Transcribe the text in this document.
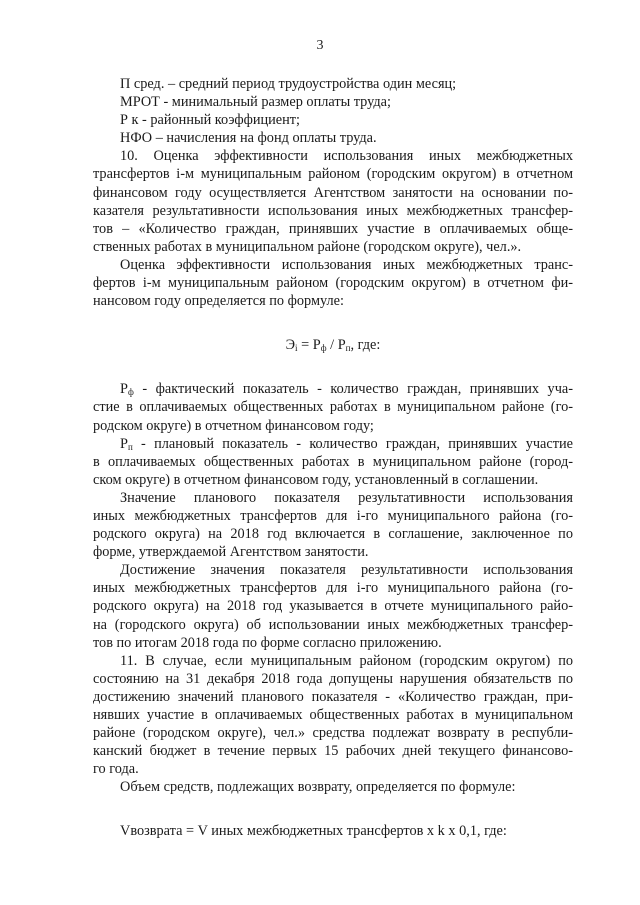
3
П сред. – средний период трудоустройства один месяц;
МРОТ - минимальный размер оплаты труда;
Р к - районный коэффициент;
НФО – начисления на фонд оплаты труда.
10. Оценка эффективности использования иных межбюджетных
трансфертов i-м муниципальным районом (городским округом) в отчетном
финансовом году осуществляется Агентством занятости на основании по-
казателя результативности использования иных межбюджетных трансфер-
тов – «Количество граждан, принявших участие в оплачиваемых обще-
ственных работах в муниципальном районе (городском округе), чел.».
Оценка эффективности использования иных межбюджетных транс-
фертов i-м муниципальным районом (городским округом) в отчетном фи-
нансовом году определяется по формуле:
$Э_i = Р_ф / Р_п$, где:
$Р_ф$ - фактический показатель - количество граждан, принявших уча-
стие в оплачиваемых общественных работах в муниципальном районе (го-
родском округе) в отчетном финансовом году;
$Р_п$ - плановый показатель - количество граждан, принявших участие
в оплачиваемых общественных работах в муниципальном районе (город-
ском округе) в отчетном финансовом году, установленный в соглашении.
Значение планового показателя результативности использования
иных межбюджетных трансфертов для i-го муниципального района (го-
родского округа) на 2018 год включается в соглашение, заключенное по
форме, утверждаемой Агентством занятости.
Достижение значения показателя результативности использования
иных межбюджетных трансфертов для i-го муниципального района (го-
родского округа) на 2018 год указывается в отчете муниципального райо-
на (городского округа) об использовании иных межбюджетных трансфер-
тов по итогам 2018 года по форме согласно приложению.
11. В случае, если муниципальным районом (городским округом) по
состоянию на 31 декабря 2018 года допущены нарушения обязательств по
достижению значений планового показателя - «Количество граждан, при-
нявших участие в оплачиваемых общественных работах в муниципальном
районе (городском округе), чел.» средства подлежат возврату в республи-
канский бюджет в течение первых 15 рабочих дней текущего финансово-
го года.
Объем средств, подлежащих возврату, определяется по формуле:
Vвозврата = V иных межбюджетных трансфертов х k х 0,1, где:
